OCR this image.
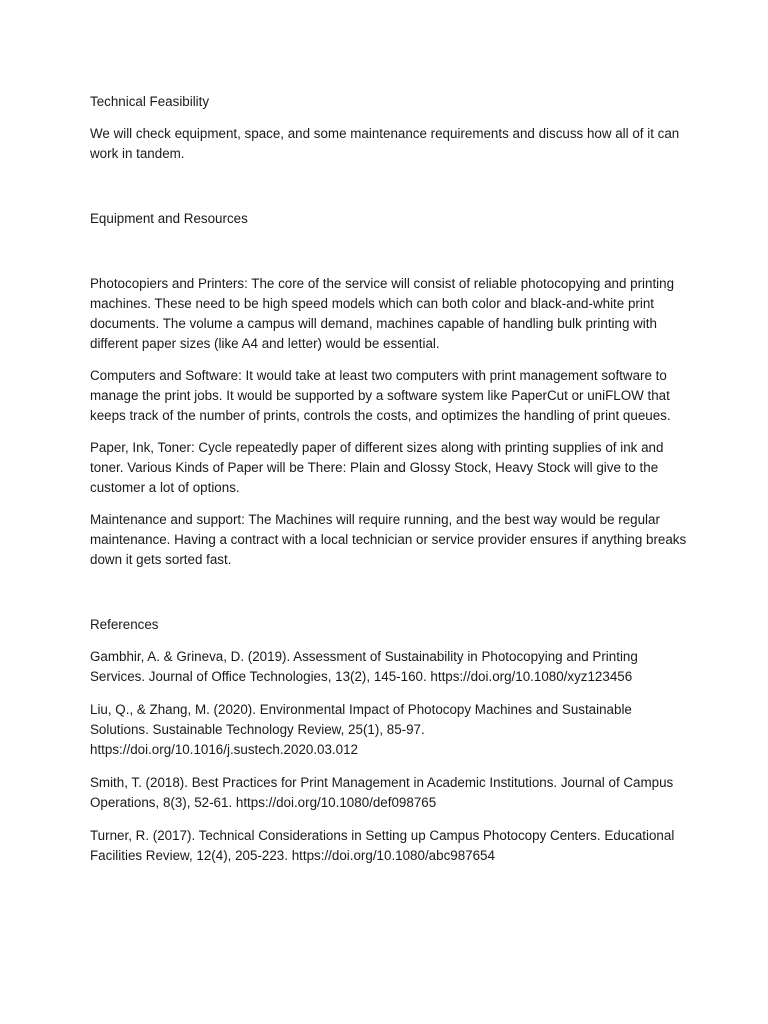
Technical Feasibility

We will check equipment, space, and some maintenance requirements and discuss how all of it can work in tandem.

Equipment and Resources

Photocopiers and Printers: The core of the service will consist of reliable photocopying and printing machines. These need to be high speed models which can both color and black-and-white print documents. The volume a campus will demand, machines capable of handling bulk printing with different paper sizes (like A4 and letter) would be essential.

Computers and Software: It would take at least two computers with print management software to manage the print jobs. It would be supported by a software system like PaperCut or uniFLOW that keeps track of the number of prints, controls the costs, and optimizes the handling of print queues.

Paper, Ink, Toner: Cycle repeatedly paper of different sizes along with printing supplies of ink and toner. Various Kinds of Paper will be There: Plain and Glossy Stock, Heavy Stock will give to the customer a lot of options.

Maintenance and support: The Machines will require running, and the best way would be regular maintenance. Having a contract with a local technician or service provider ensures if anything breaks down it gets sorted fast.

References

Gambhir, A. & Grineva, D. (2019). Assessment of Sustainability in Photocopying and Printing Services. Journal of Office Technologies, 13(2), 145-160. https://doi.org/10.1080/xyz123456

Liu, Q., & Zhang, M. (2020). Environmental Impact of Photocopy Machines and Sustainable Solutions. Sustainable Technology Review, 25(1), 85-97. https://doi.org/10.1016/j.sustech.2020.03.012

Smith, T. (2018). Best Practices for Print Management in Academic Institutions. Journal of Campus Operations, 8(3), 52-61. https://doi.org/10.1080/def098765

Turner, R. (2017). Technical Considerations in Setting up Campus Photocopy Centers. Educational Facilities Review, 12(4), 205-223. https://doi.org/10.1080/abc987654
